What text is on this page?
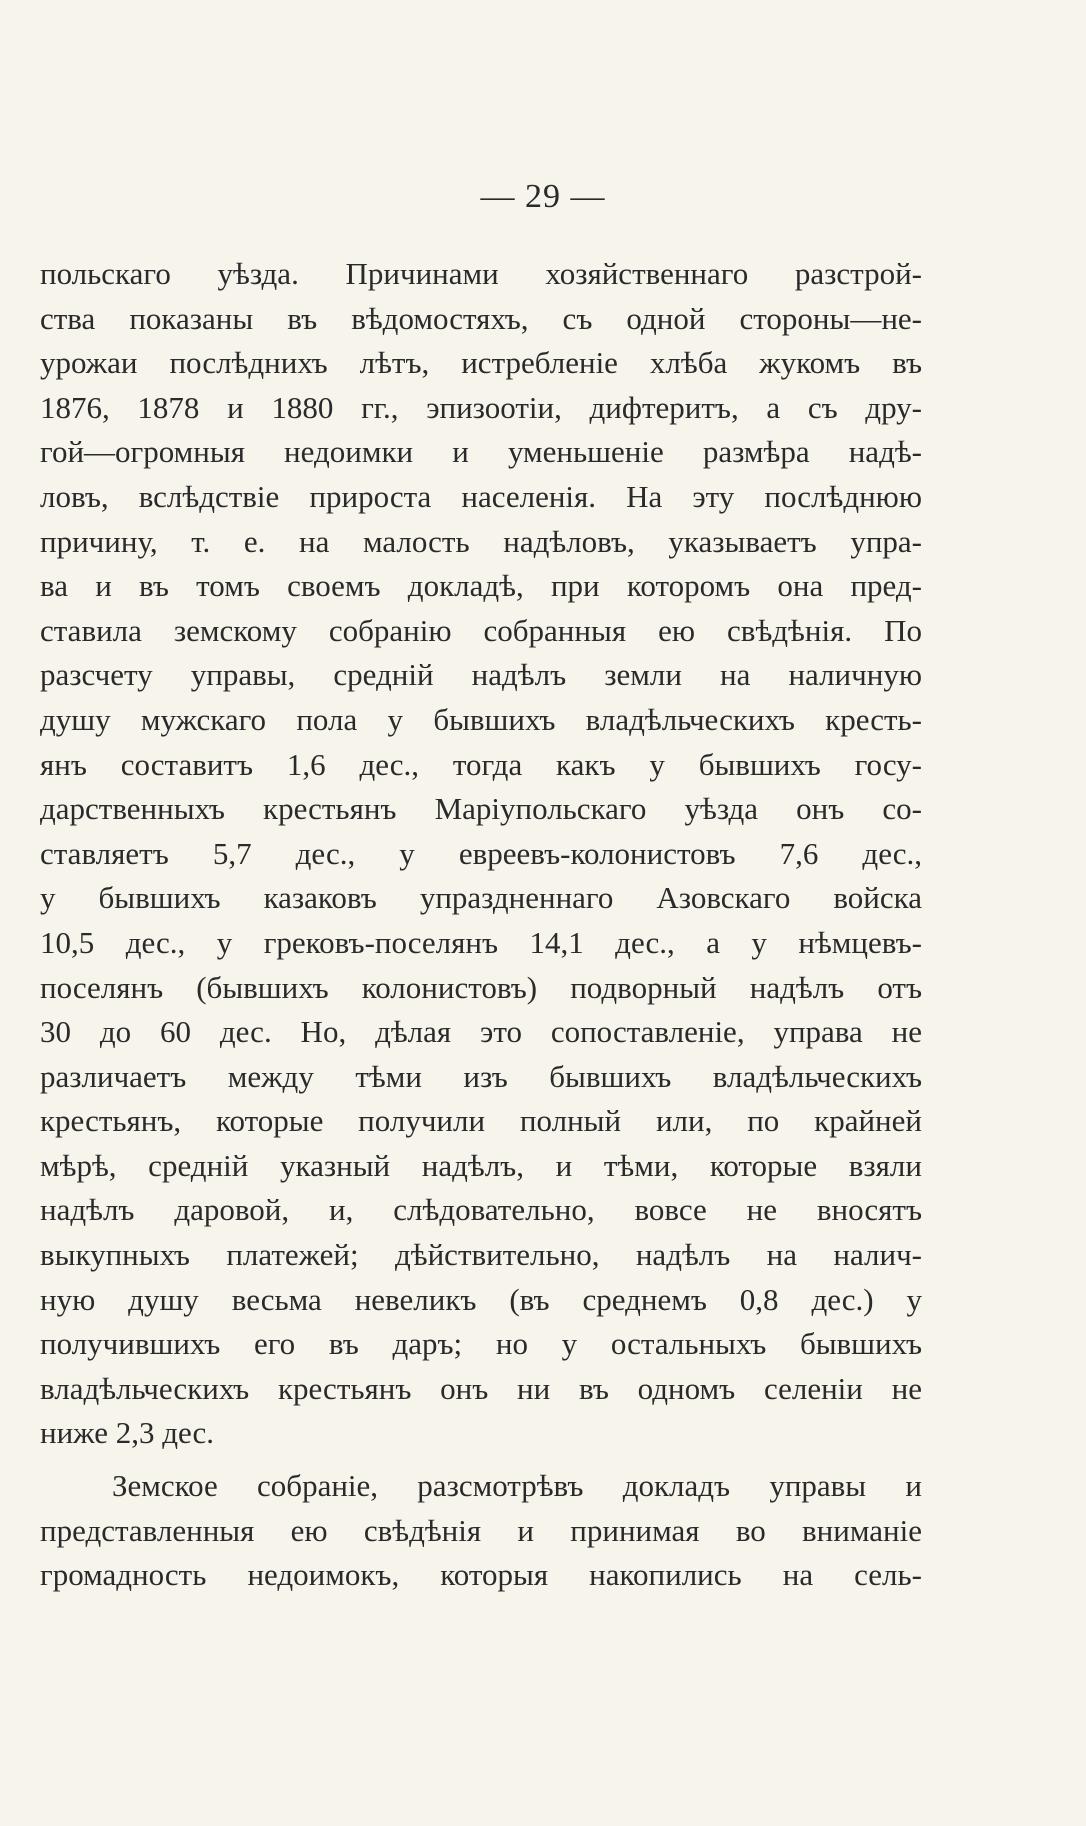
— 29 —
польскаго уѣзда. Причинами хозяйственнаго разстрой-
ства показаны въ вѣдомостяхъ, съ одной стороны—не-
урожаи послѣднихъ лѣтъ, истребленіе хлѣба жукомъ въ
1876, 1878 и 1880 гг., эпизоотіи, дифтеритъ, а съ дру-
гой—огромныя недоимки и уменьшеніе размѣра надѣ-
ловъ, вслѣдствіе прироста населенія. На эту послѣднюю
причину, т. е. на малость надѣловъ, указываетъ упра-
ва и въ томъ своемъ докладѣ, при которомъ она пред-
ставила земскому собранію собранныя ею свѣдѣнія. По
разсчету управы, средній надѣлъ земли на наличную
душу мужскаго пола у бывшихъ владѣльческихъ кресть-
янъ составитъ 1,6 дес., тогда какъ у бывшихъ госу-
дарственныхъ крестьянъ Маріупольскаго уѣзда онъ со-
ставляетъ 5,7 дес., у евреевъ-колонистовъ 7,6 дес.,
у бывшихъ казаковъ упраздненнаго Азовскаго войска
10,5 дес., у грековъ-поселянъ 14,1 дес., а у нѣмцевъ-
поселянъ (бывшихъ колонистовъ) подворный надѣлъ отъ
30 до 60 дес. Но, дѣлая это сопоставленіе, управа не
различаетъ между тѣми изъ бывшихъ владѣльческихъ
крестьянъ, которые получили полный или, по крайней
мѣрѣ, средній указный надѣлъ, и тѣми, которые взяли
надѣлъ даровой, и, слѣдовательно, вовсе не вносятъ
выкупныхъ платежей; дѣйствительно, надѣлъ на налич-
ную душу весьма невеликъ (въ среднемъ 0,8 дес.) у
получившихъ его въ даръ; но у остальныхъ бывшихъ
владѣльческихъ крестьянъ онъ ни въ одномъ селеніи не
ниже 2,3 дес.
Земское собраніе, разсмотрѣвъ докладъ управы и
представленныя ею свѣдѣнія и принимая во вниманіе
громадность недоимокъ, которыя накопились на сель-
